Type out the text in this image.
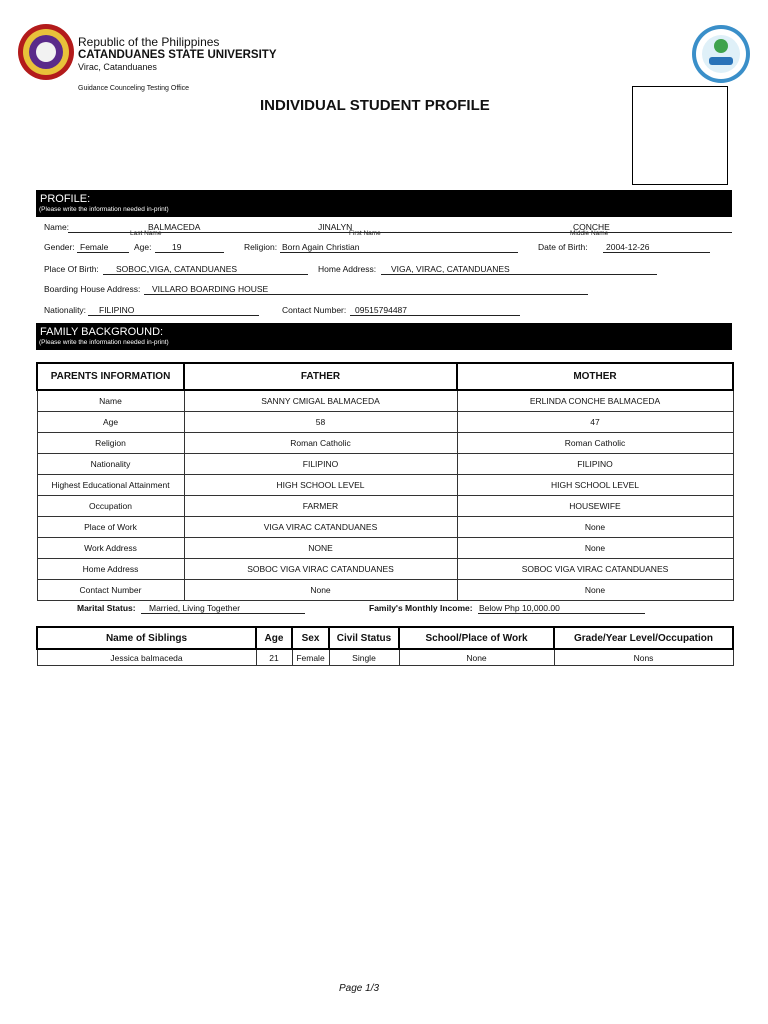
Republic of the Philippines
CATANDUANES STATE UNIVERSITY
Virac, Catanduanes
Guidance Counceling Testing Office
INDIVIDUAL STUDENT PROFILE
PROFILE:
(Please write the information needed in-print)
Name:	BALMACEDA	JINALYN	CONCHE
Last Name	First Name	Middle Name
Gender: Female	Age: 19	Religion: Born Again Christian	Date of Birth: 2004-12-26
Place Of Birth: SOBOC,VIGA, CATANDUANES	Home Address: VIGA, VIRAC, CATANDUANES
Boarding House Address: VILLARO BOARDING HOUSE
Nationality: FILIPINO	Contact Number: 09515794487
FAMILY BACKGROUND:
(Please write the information needed in-print)
PARENTS INFORMATION	FATHER	MOTHER
Name	SANNY CMIGAL BALMACEDA	ERLINDA CONCHE BALMACEDA
Age	58	47
Religion	Roman Catholic	Roman Catholic
Nationality	FILIPINO	FILIPINO
Highest Educational Attainment	HIGH SCHOOL LEVEL	HIGH SCHOOL LEVEL
Occupation	FARMER	HOUSEWIFE
Place of Work	VIGA VIRAC CATANDUANES	None
Work Address	NONE	None
Home Address	SOBOC VIGA VIRAC CATANDUANES	SOBOC VIGA VIRAC CATANDUANES
Contact Number	None	None
Marital Status: Married, Living Together	Family's Monthly Income: Below Php 10,000.00
Name of Siblings	Age	Sex	Civil Status	School/Place of Work	Grade/Year Level/Occupation
Jessica balmaceda	21	Female	Single	None	Nons
Page 1/3
